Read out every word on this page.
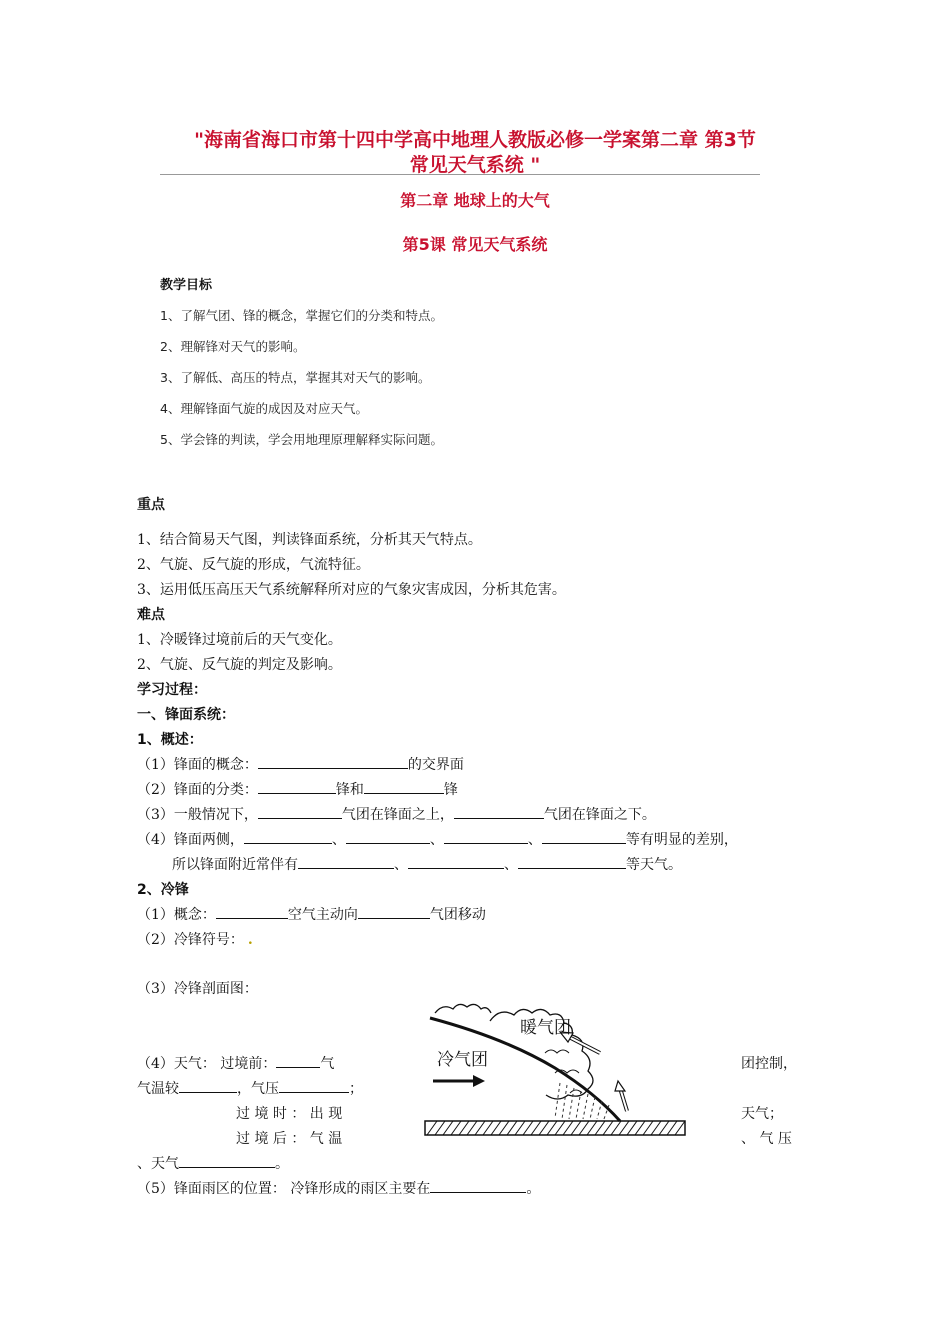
"海南省海口市第十四中学高中地理人教版必修一学案第二章 第3节
常见天气系统 "
第二章 地球上的大气
第5课 常见天气系统
教学目标
1、了解气团、锋的概念，掌握它们的分类和特点。
2、理解锋对天气的影响。
3、了解低、高压的特点，掌握其对天气的影响。
4、理解锋面气旋的成因及对应天气。
5、学会锋的判读，学会用地理原理解释实际问题。
重点
1、结合简易天气图，判读锋面系统，分析其天气特点。
2、气旋、反气旋的形成，气流特征。
3、运用低压高压天气系统解释所对应的气象灾害成因，分析其危害。
难点
1、冷暖锋过境前后的天气变化。
2、气旋、反气旋的判定及影响。
学习过程：
一、锋面系统：
1、概述：
（1）锋面的概念：	的交界面
（2）锋面的分类：	锋和	锋
（3）一般情况下，	气团在锋面之上，	气团在锋面之下。
（4）锋面两侧，	、	、	、	等有明显的差别，
所以锋面附近常伴有	、	、	等天气。
2、冷锋
（1）概念：	空气主动向	气团移动
（2）冷锋符号： .
（3）冷锋剖面图：
暖气团
冷气团
（4）天气： 过境前：	气	团控制，
气温较	，气压	；
过 境 时 ： 出 现	天气；
过 境 后 ： 气 温	、 气 压
、天气	。
（5）锋面雨区的位置： 冷锋形成的雨区主要在	。
